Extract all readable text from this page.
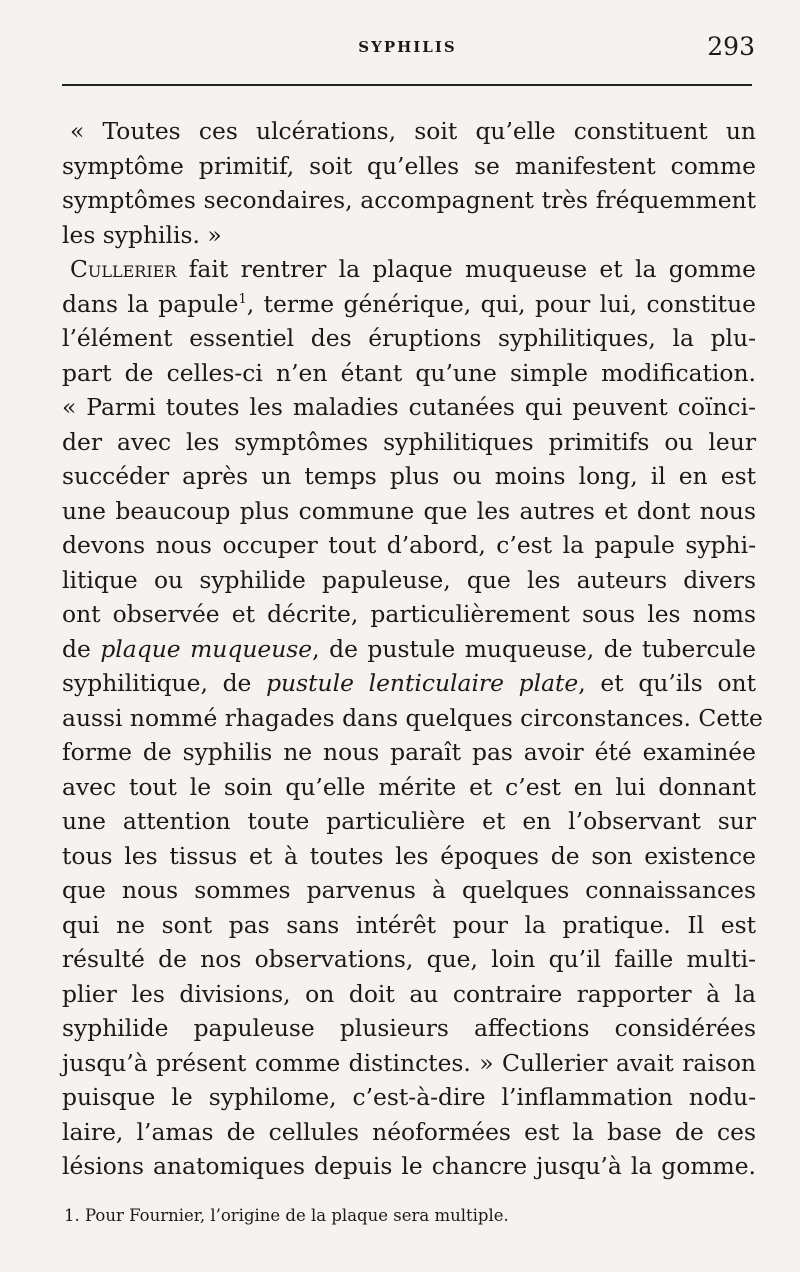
SYPHILIS	293
« Toutes ces ulcérations, soit qu’elle constituent un
symptôme primitif, soit qu’elles se manifestent comme
symptômes secondaires, accompagnent très fréquemment
les syphilis. »
Cullerier fait rentrer la plaque muqueuse et la gomme
dans la papule$^1$, terme générique, qui, pour lui, constitue
l’élément essentiel des éruptions syphilitiques, la plu-
part de celles-ci n’en étant qu’une simple modification.
« Parmi toutes les maladies cutanées qui peuvent coïnci-
der avec les symptômes syphilitiques primitifs ou leur
succéder après un temps plus ou moins long, il en est
une beaucoup plus commune que les autres et dont nous
devons nous occuper tout d’abord, c’est la papule syphi-
litique ou syphilide papuleuse, que les auteurs divers
ont observée et décrite, particulièrement sous les noms
de plaque muqueuse, de pustule muqueuse, de tubercule
syphilitique, de pustule lenticulaire plate, et qu’ils ont
aussi nommé rhagades dans quelques circonstances. Cette
forme de syphilis ne nous paraît pas avoir été examinée
avec tout le soin qu’elle mérite et c’est en lui donnant
une attention toute particulière et en l’observant sur
tous les tissus et à toutes les époques de son existence
que nous sommes parvenus à quelques connaissances
qui ne sont pas sans intérêt pour la pratique. Il est
résulté de nos observations, que, loin qu’il faille multi-
plier les divisions, on doit au contraire rapporter à la
syphilide papuleuse plusieurs affections considérées
jusqu’à présent comme distinctes. » Cullerier avait raison
puisque le syphilome, c’est-à-dire l’inflammation nodu-
laire, l’amas de cellules néoformées est la base de ces
lésions anatomiques depuis le chancre jusqu’à la gomme.
1. Pour Fournier, l’origine de la plaque sera multiple.
